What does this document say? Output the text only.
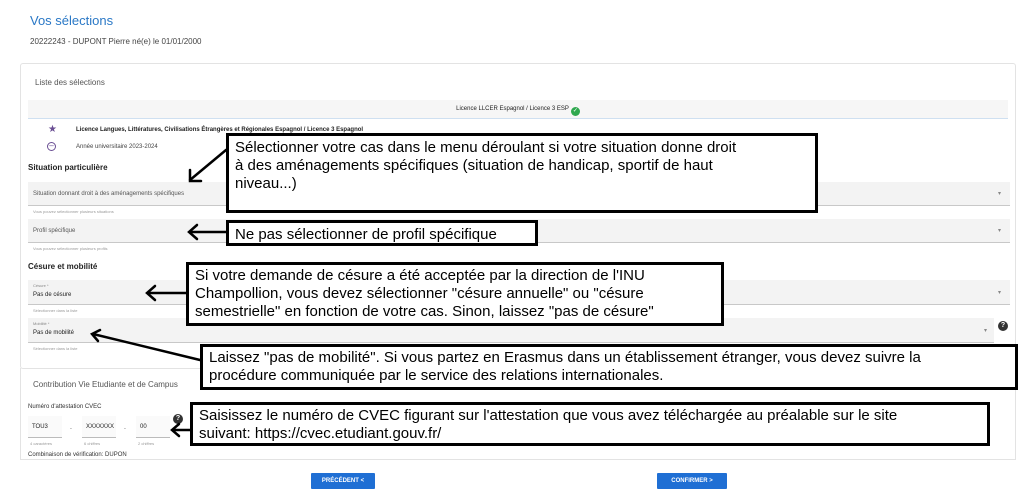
Vos sélections
20222243 - DUPONT Pierre né(e) le 01/01/2000
Liste des sélections
Licence LLCER Espagnol / Licence 3 ESP ✓
★	Licence Langues, Littératures, Civilisations Étrangères et Régionales Espagnol / Licence 3 Espagnol
–	Année universitaire 2023-2024
Situation particulière
Situation donnant droit à des aménagements spécifiques	▾
Vous pouvez sélectionner plusieurs situations
Profil spécifique	▾
Vous pouvez sélectionner plusieurs profils
Césure et mobilité
Césure *
Pas de césure	▾
Sélectionner dans la liste
Mobilité *
Pas de mobilité	▾
?
Sélectionner dans la liste
Contribution Vie Etudiante et de Campus
Numéro d'attestation CVEC
TOU3
4 caractères
.	XXXXXXX
6 chiffres
.	00
2 chiffres
?
Combinaison de vérification: DUPON
PRÉCÉDENT <	CONFIRMER >
Sélectionner votre cas dans le menu déroulant si votre situation donne droit
à des aménagements spécifiques (situation de handicap, sportif de haut
niveau...)
Ne pas sélectionner de profil spécifique
Si votre demande de césure a été acceptée par la direction de l'INU
Champollion, vous devez sélectionner "césure annuelle" ou "césure
semestrielle" en fonction de votre cas. Sinon, laissez "pas de césure"
Laissez "pas de mobilité". Si vous partez en Erasmus dans un établissement étranger, vous devez suivre la
procédure communiquée par le service des relations internationales.
Saisissez le numéro de CVEC figurant sur l'attestation que vous avez téléchargée au préalable sur le site
suivant: https://cvec.etudiant.gouv.fr/
